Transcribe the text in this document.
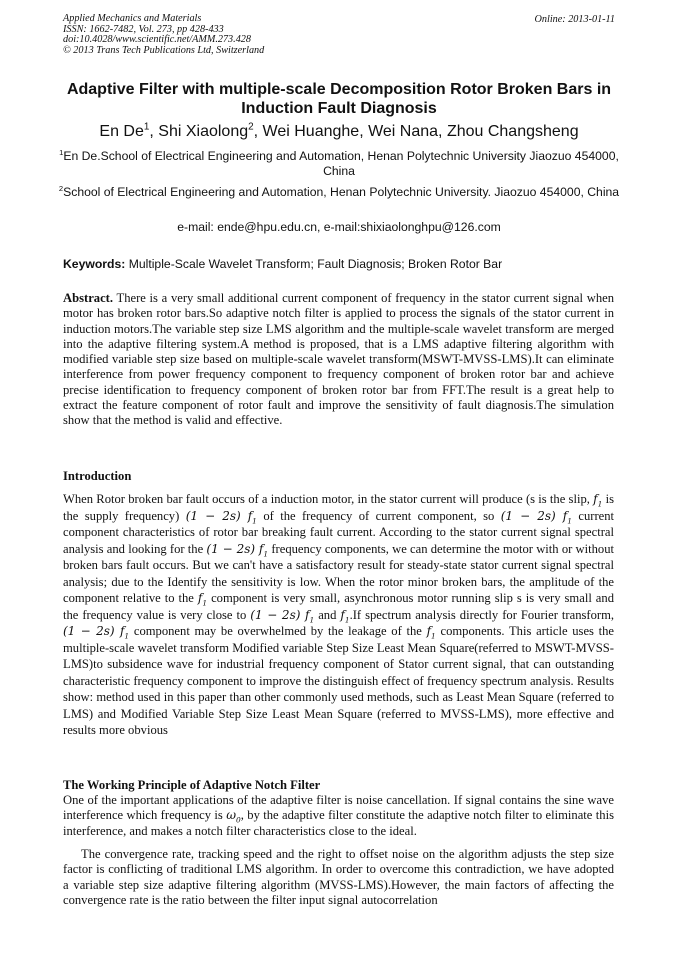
Applied Mechanics and Materials
ISSN: 1662-7482, Vol. 273, pp 428-433
doi:10.4028/www.scientific.net/AMM.273.428
© 2013 Trans Tech Publications Ltd, Switzerland
Online: 2013-01-11
Adaptive Filter with multiple-scale Decomposition Rotor Broken Bars in Induction Fault Diagnosis
En De$^1$, Shi Xiaolong$^2$, Wei Huanghe, Wei Nana, Zhou Changsheng
$^1$En De.School of Electrical Engineering and Automation, Henan Polytechnic University Jiaozuo 454000, China
$^2$School of Electrical Engineering and Automation, Henan Polytechnic University. Jiaozuo 454000, China
e-mail: ende@hpu.edu.cn, e-mail:shixiaolonghpu@126.com
Keywords: Multiple-Scale Wavelet Transform; Fault Diagnosis; Broken Rotor Bar
Abstract. There is a very small additional current component of frequency in the stator current signal when motor has broken rotor bars.So adaptive notch filter is applied to process the signals of the stator current in induction motors.The variable step size LMS algorithm and the multiple-scale wavelet transform are merged into the adaptive filtering system.A method is proposed, that is a LMS adaptive filtering algorithm with modified variable step size based on multiple-scale wavelet transform(MSWT-MVSS-LMS).It can eliminate interference from power frequency component to frequency component of broken rotor bar and achieve precise identification to frequency component of broken rotor bar from FFT.The result is a great help to extract the feature component of rotor fault and improve the sensitivity of fault diagnosis.The simulation show that the method is valid and effective.
Introduction
When Rotor broken bar fault occurs of a induction motor, in the stator current will produce (s is the slip, $f_1$ is the supply frequency) (1 − 2s) $f_1$ of the frequency of current component, so (1 − 2s) $f_1$ current component characteristics of rotor bar breaking fault current. According to the stator current signal spectral analysis and looking for the (1 − 2s) $f_1$ frequency components, we can determine the motor with or without broken bars fault occurs. But we can't have a satisfactory result for steady-state stator current signal spectral analysis; due to the Identify the sensitivity is low. When the rotor minor broken bars, the amplitude of the component relative to the $f_1$ component is very small, asynchronous motor running slip s is very small and the frequency value is very close to (1 − 2s) $f_1$ and $f_1.If$ spectrum analysis directly for Fourier transform, (1 − 2s) $f_1$ component may be overwhelmed by the leakage of the $f_1$ components. This article uses the multiple-scale wavelet transform Modified variable Step Size Least Mean Square(referred to MSWT-MVSS-LMS)to subsidence wave for industrial frequency component of Stator current signal, that can outstanding characteristic frequency component to improve the distinguish effect of frequency spectrum analysis. Results show: method used in this paper than other commonly used methods, such as Least Mean Square (referred to LMS) and Modified Variable Step Size Least Mean Square (referred to MVSS-LMS), more effective and results more obvious
The Working Principle of Adaptive Notch Filter
One of the important applications of the adaptive filter is noise cancellation. If signal contains the sine wave interference which frequency is $\omega_0$, by the adaptive filter constitute the adaptive notch filter to eliminate this interference, and makes a notch filter characteristics close to the ideal.
The convergence rate, tracking speed and the right to offset noise on the algorithm adjusts the step size factor is conflicting of traditional LMS algorithm. In order to overcome this contradiction, we have adopted a variable step size adaptive filtering algorithm (MVSS-LMS).However, the main factors of affecting the convergence rate is the ratio between the filter input signal autocorrelation
